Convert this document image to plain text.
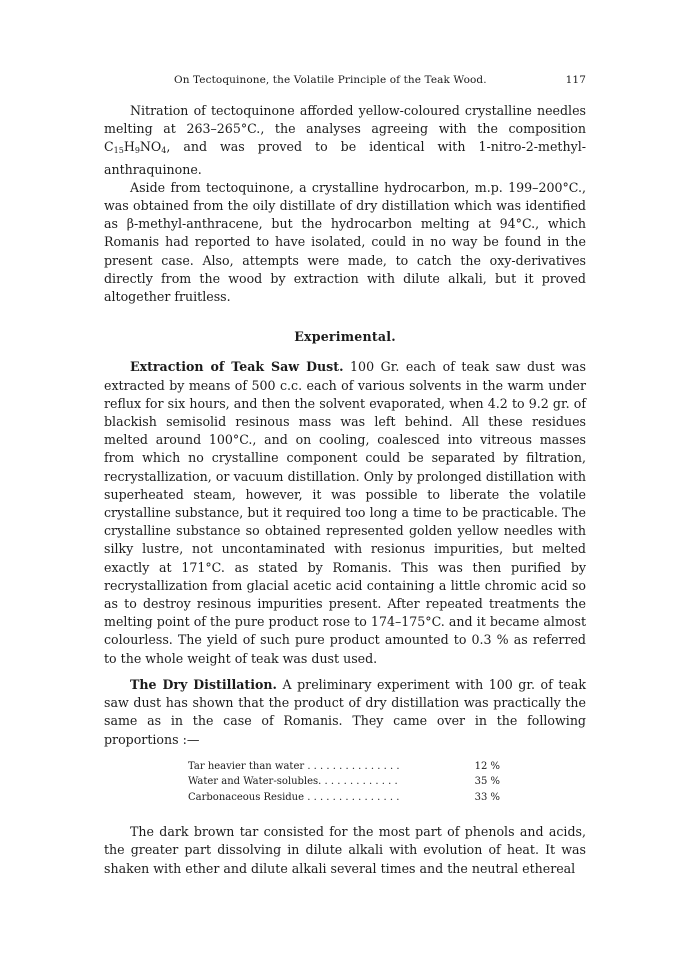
On Tectoquinone, the Volatile Principle of the Teak Wood.	117

Nitration of tectoquinone afforded yellow-coloured crystalline needles melting at 263–265°C., the analyses agreeing with the composition $C_{15}H_9NO_4$, and was proved to be identical with 1-nitro-2-methyl-anthraquinone.

Aside from tectoquinone, a crystalline hydrocarbon, m.p. 199–200°C., was obtained from the oily distillate of dry distillation which was identified as β-methyl-anthracene, but the hydrocarbon melting at 94°C., which Romanis had reported to have isolated, could in no way be found in the present case. Also, attempts were made, to catch the oxy-derivatives directly from the wood by extraction with dilute alkali, but it proved altogether fruitless.

Experimental.

Extraction of Teak Saw Dust. 100 Gr. each of teak saw dust was extracted by means of 500 c.c. each of various solvents in the warm under reflux for six hours, and then the solvent evaporated, when 4.2 to 9.2 gr. of blackish semisolid resinous mass was left behind. All these residues melted around 100°C., and on cooling, coalesced into vitreous masses from which no crystalline component could be separated by filtration, recrystallization, or vacuum distillation. Only by prolonged distillation with superheated steam, however, it was possible to liberate the volatile crystalline substance, but it required too long a time to be practicable. The crystalline substance so obtained represented golden yellow needles with silky lustre, not uncontaminated with resionus impurities, but melted exactly at 171°C. as stated by Romanis. This was then purified by recrystallization from glacial acetic acid containing a little chromic acid so as to destroy resinous impurities present. After repeated treatments the melting point of the pure product rose to 174–175°C. and it became almost colourless. The yield of such pure product amounted to 0.3 % as referred to the whole weight of teak was dust used.

The Dry Distillation. A preliminary experiment with 100 gr. of teak saw dust has shown that the product of dry distillation was practically the same as in the case of Romanis. They came over in the following proportions :—

Tar heavier than water . . . . . . . . . . . . . . .	12 %
Water and Water-solubles. . . . . . . . . . . . .	35 %
Carbonaceous Residue . . . . . . . . . . . . . . .	33 %

The dark brown tar consisted for the most part of phenols and acids, the greater part dissolving in dilute alkali with evolution of heat. It was shaken with ether and dilute alkali several times and the neutral ethereal
